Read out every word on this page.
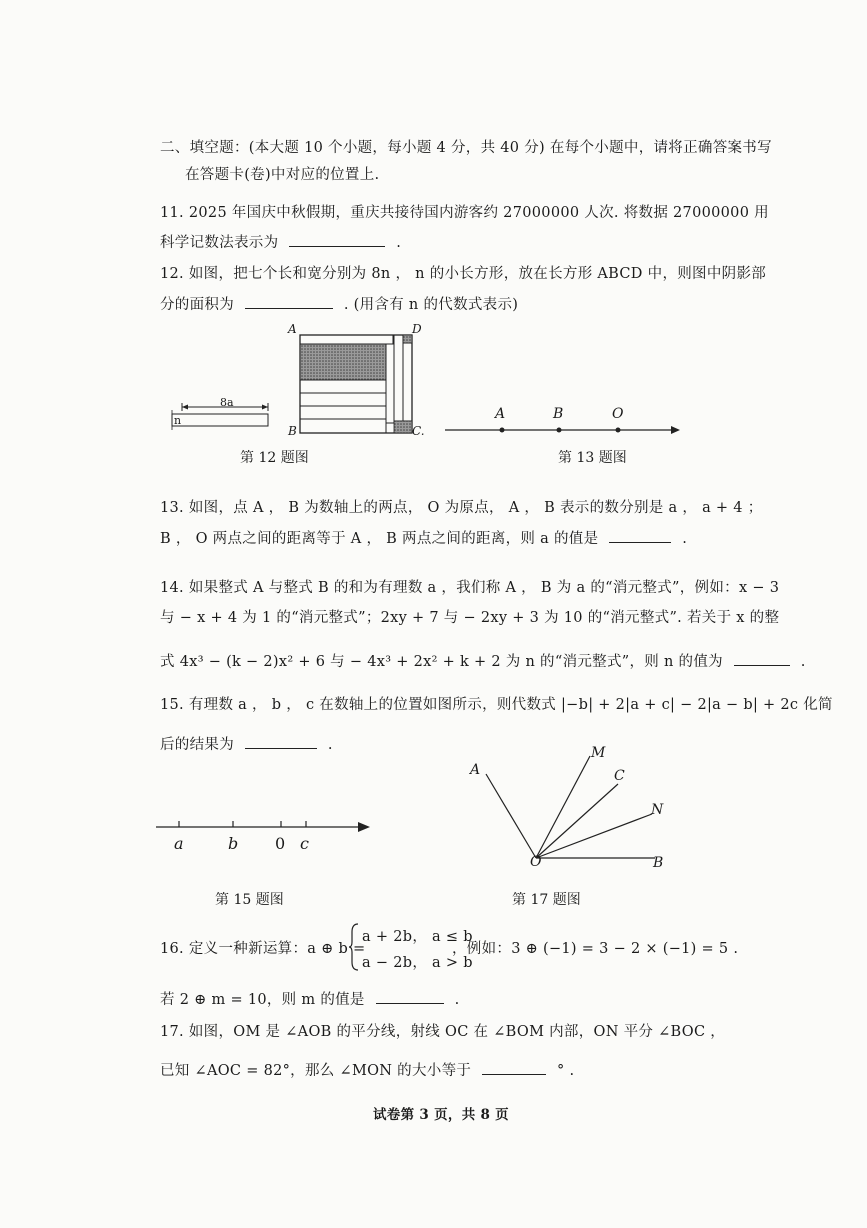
二、填空题：(本大题 10 个小题，每小题 4 分，共 40 分) 在每个小题中，请将正确答案书写
在答题卡(卷)中对应的位置上.
11. 2025 年国庆中秋假期，重庆共接待国内游客约 27000000 人次. 将数据 27000000 用
科学记数法表示为	.
12. 如图，把七个长和宽分别为 8n ， n 的小长方形，放在长方形 ABCD 中，则图中阴影部
分的面积为	. (用含有 n 的代数式表示)
8a
n
A	D
B	C.
第 12 题图
A	B	O
第 13 题图
13. 如图，点 A ， B 为数轴上的两点， O 为原点， A ， B 表示的数分别是 a ， a + 4 ；
B ， O 两点之间的距离等于 A ， B 两点之间的距离，则 a 的值是	.
14. 如果整式 A 与整式 B 的和为有理数 a ，我们称 A ， B 为 a 的“消元整式”，例如：x − 3
与 − x + 4 为 1 的“消元整式”；2xy + 7 与 − 2xy + 3 为 10 的“消元整式”. 若关于 x 的整
式 4x³ − (k − 2)x² + 6 与 − 4x³ + 2x² + k + 2 为 n 的“消元整式”，则 n 的值为	.
15. 有理数 a ， b ， c 在数轴上的位置如图所示，则代数式 |−b| + 2|a + c| − 2|a − b| + 2c 化简
后的结果为	.
a	b 0 c
第 15 题图
A
M
C
N
O	B
第 17 题图
16. 定义一种新运算：a ⊕ b =
a + 2b， a ≤ b
a − 2b， a > b
，例如：3 ⊕ (−1) = 3 − 2 × (−1) = 5 .
若 2 ⊕ m = 10，则 m 的值是	.
17. 如图，OM 是 ∠AOB 的平分线，射线 OC 在 ∠BOM 内部，ON 平分 ∠BOC ，
已知 ∠AOC = 82°，那么 ∠MON 的大小等于	° .
试卷第 3 页，共 8 页
